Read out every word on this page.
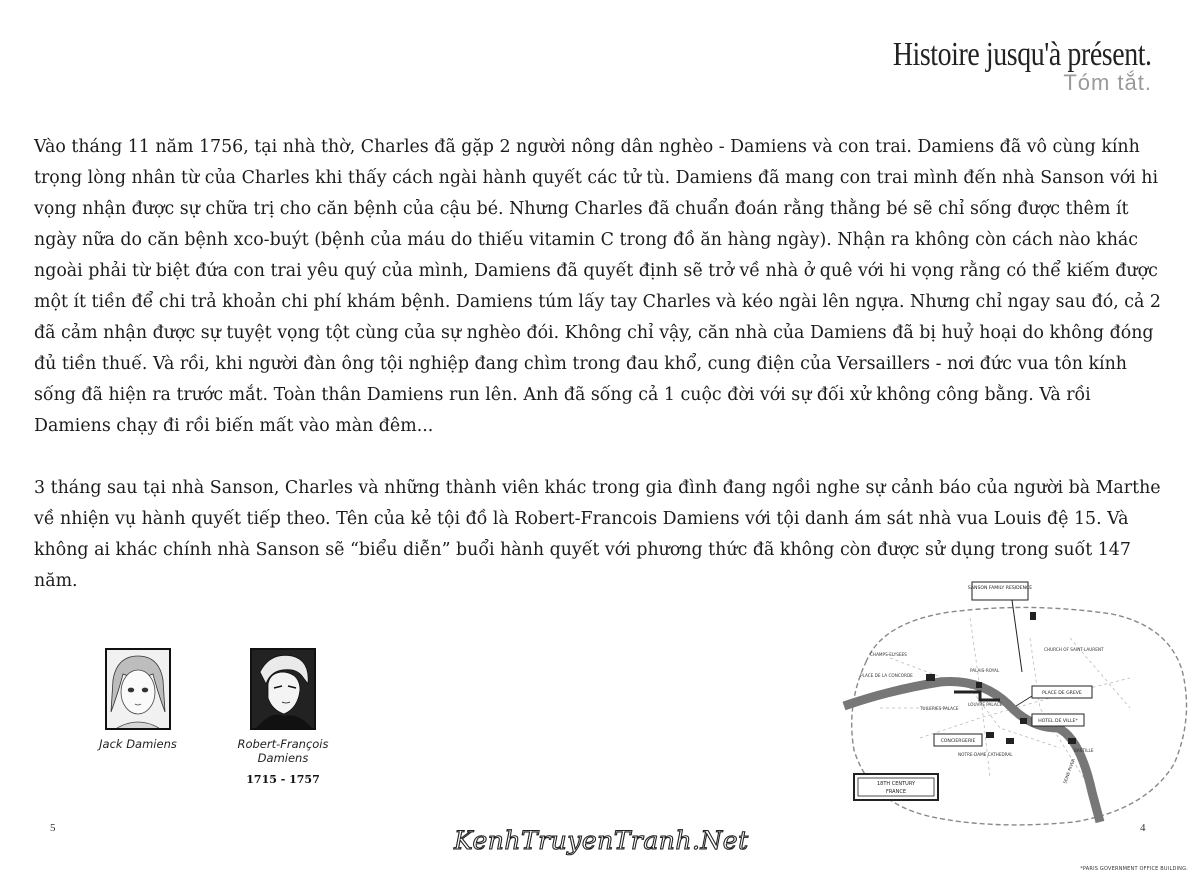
Histoire jusqu'à présent.
Tóm tắt.

Vào tháng 11 năm 1756, tại nhà thờ, Charles đã gặp 2 người nông dân nghèo - Damiens và con trai. Damiens đã vô cùng kính trọng lòng nhân từ của Charles khi thấy cách ngài hành quyết các tử tù. Damiens đã mang con trai mình đến nhà Sanson với hi vọng nhận được sự chữa trị cho căn bệnh của cậu bé. Nhưng Charles đã chuẩn đoán rằng thằng bé sẽ chỉ sống được thêm ít ngày nữa do căn bệnh xco-buýt (bệnh của máu do thiếu vitamin C trong đồ ăn hàng ngày). Nhận ra không còn cách nào khác ngoài phải từ biệt đứa con trai yêu quý của mình, Damiens đã quyết định sẽ trở về nhà ở quê với hi vọng rằng có thể kiếm được một ít tiền để chi trả khoản chi phí khám bệnh. Damiens túm lấy tay Charles và kéo ngài lên ngựa. Nhưng chỉ ngay sau đó, cả 2 đã cảm nhận được sự tuyệt vọng tột cùng của sự nghèo đói. Không chỉ vậy, căn nhà của Damiens đã bị huỷ hoại do không đóng đủ tiền thuế. Và rồi, khi người đàn ông tội nghiệp đang chìm trong đau khổ, cung điện của Versaillers - nơi đức vua tôn kính sống đã hiện ra trước mắt. Toàn thân Damiens run lên. Anh đã sống cả 1 cuộc đời với sự đối xử không công bằng. Và rồi Damiens chạy đi rồi biến mất vào màn đêm...

3 tháng sau tại nhà Sanson, Charles và những thành viên khác trong gia đình đang ngồi nghe sự cảnh báo của người bà Marthe về nhiện vụ hành quyết tiếp theo. Tên của kẻ tội đồ là Robert-Francois Damiens với tội danh ám sát nhà vua Louis đệ 15. Và không ai khác chính nhà Sanson sẽ “biểu diễn” buổi hành quyết với phương thức đã không còn được sử dụng trong suốt 147 năm.

Jack Damiens	Robert-François Damiens
1715 - 1757
SANSON FAMILY RESIDENCE
CHURCH OF SAINT-LAURENT
CHAMPS-ELYSEES
PLACE DE LA CONCORDE
PALAIS-ROYAL
PLACE DE GREVE
TUILERIES PALACE
LOUVRE PALACE
HOTEL DE VILLE*
CONCIERGERIE
NOTRE-DAME CATHEDRAL
BASTILLE
SEINE RIVER
18TH CENTURY
FRANCE
5	4
KenhTruyenTranh.Net
*PARIS GOVERNMENT OFFICE BUILDING.
